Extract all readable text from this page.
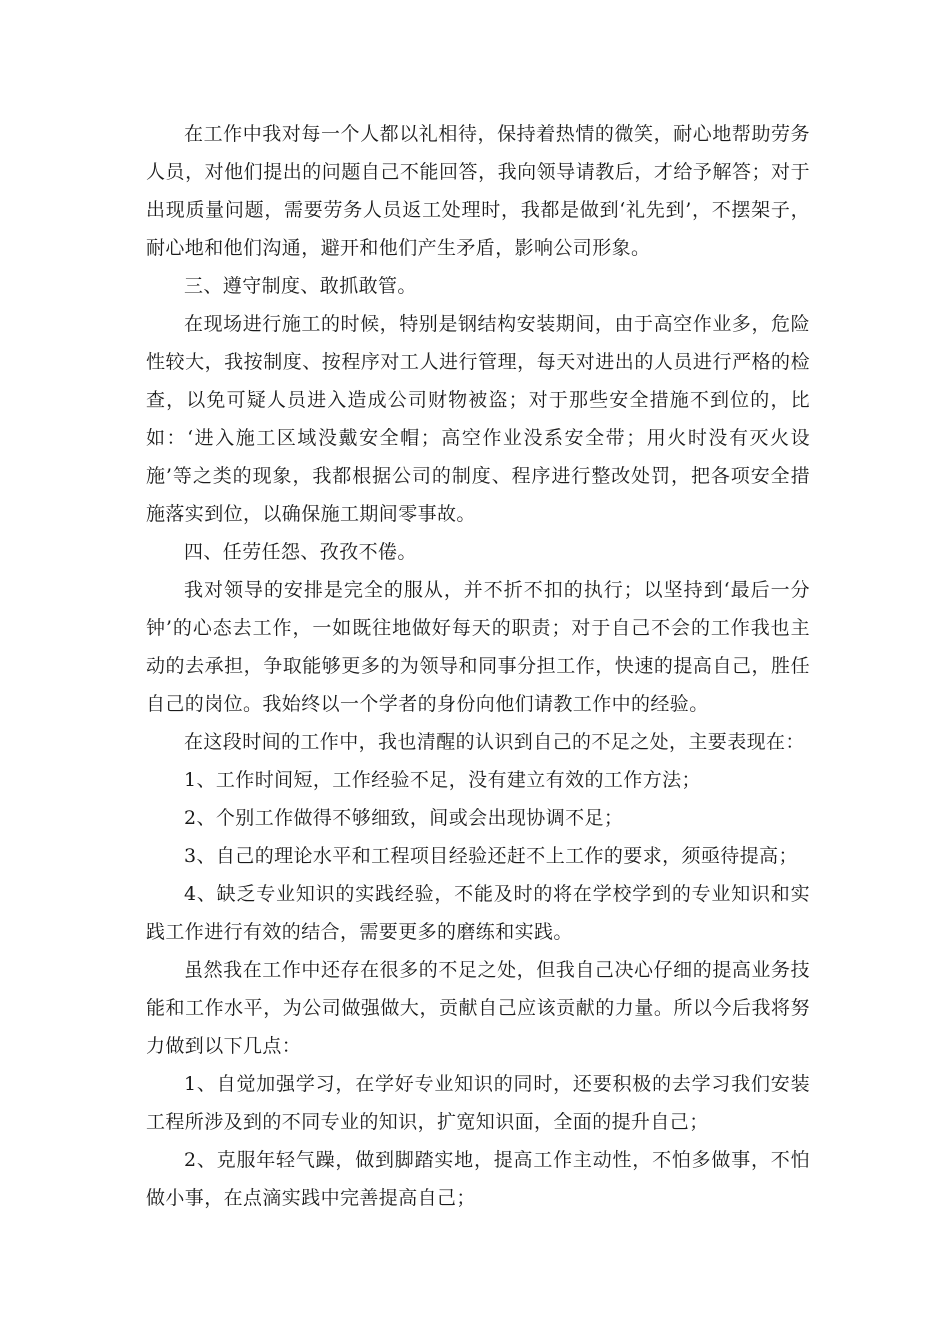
在工作中我对每一个人都以礼相待，保持着热情的微笑，耐心地帮助劳务人员，对他们提出的问题自己不能回答，我向领导请教后，才给予解答；对于出现质量问题，需要劳务人员返工处理时，我都是做到‘礼先到’，不摆架子，耐心地和他们沟通，避开和他们产生矛盾，影响公司形象。

三、遵守制度、敢抓敢管。

在现场进行施工的时候，特别是钢结构安装期间，由于高空作业多，危险性较大，我按制度、按程序对工人进行管理，每天对进出的人员进行严格的检查，以免可疑人员进入造成公司财物被盗；对于那些安全措施不到位的，比如：‘进入施工区域没戴安全帽；高空作业没系安全带；用火时没有灭火设施’等之类的现象，我都根据公司的制度、程序进行整改处罚，把各项安全措施落实到位，以确保施工期间零事故。

四、任劳任怨、孜孜不倦。

我对领导的安排是完全的服从，并不折不扣的执行；以坚持到‘最后一分钟’的心态去工作，一如既往地做好每天的职责；对于自己不会的工作我也主动的去承担，争取能够更多的为领导和同事分担工作，快速的提高自己，胜任自己的岗位。我始终以一个学者的身份向他们请教工作中的经验。

在这段时间的工作中，我也清醒的认识到自己的不足之处，主要表现在：

1、工作时间短，工作经验不足，没有建立有效的工作方法；

2、个别工作做得不够细致，间或会出现协调不足；

3、自己的理论水平和工程项目经验还赶不上工作的要求，须亟待提高；

4、缺乏专业知识的实践经验，不能及时的将在学校学到的专业知识和实践工作进行有效的结合，需要更多的磨练和实践。

虽然我在工作中还存在很多的不足之处，但我自己决心仔细的提高业务技能和工作水平，为公司做强做大，贡献自己应该贡献的力量。所以今后我将努力做到以下几点：

1、自觉加强学习，在学好专业知识的同时，还要积极的去学习我们安装工程所涉及到的不同专业的知识，扩宽知识面，全面的提升自己；

2、克服年轻气躁，做到脚踏实地，提高工作主动性，不怕多做事，不怕做小事，在点滴实践中完善提高自己；
